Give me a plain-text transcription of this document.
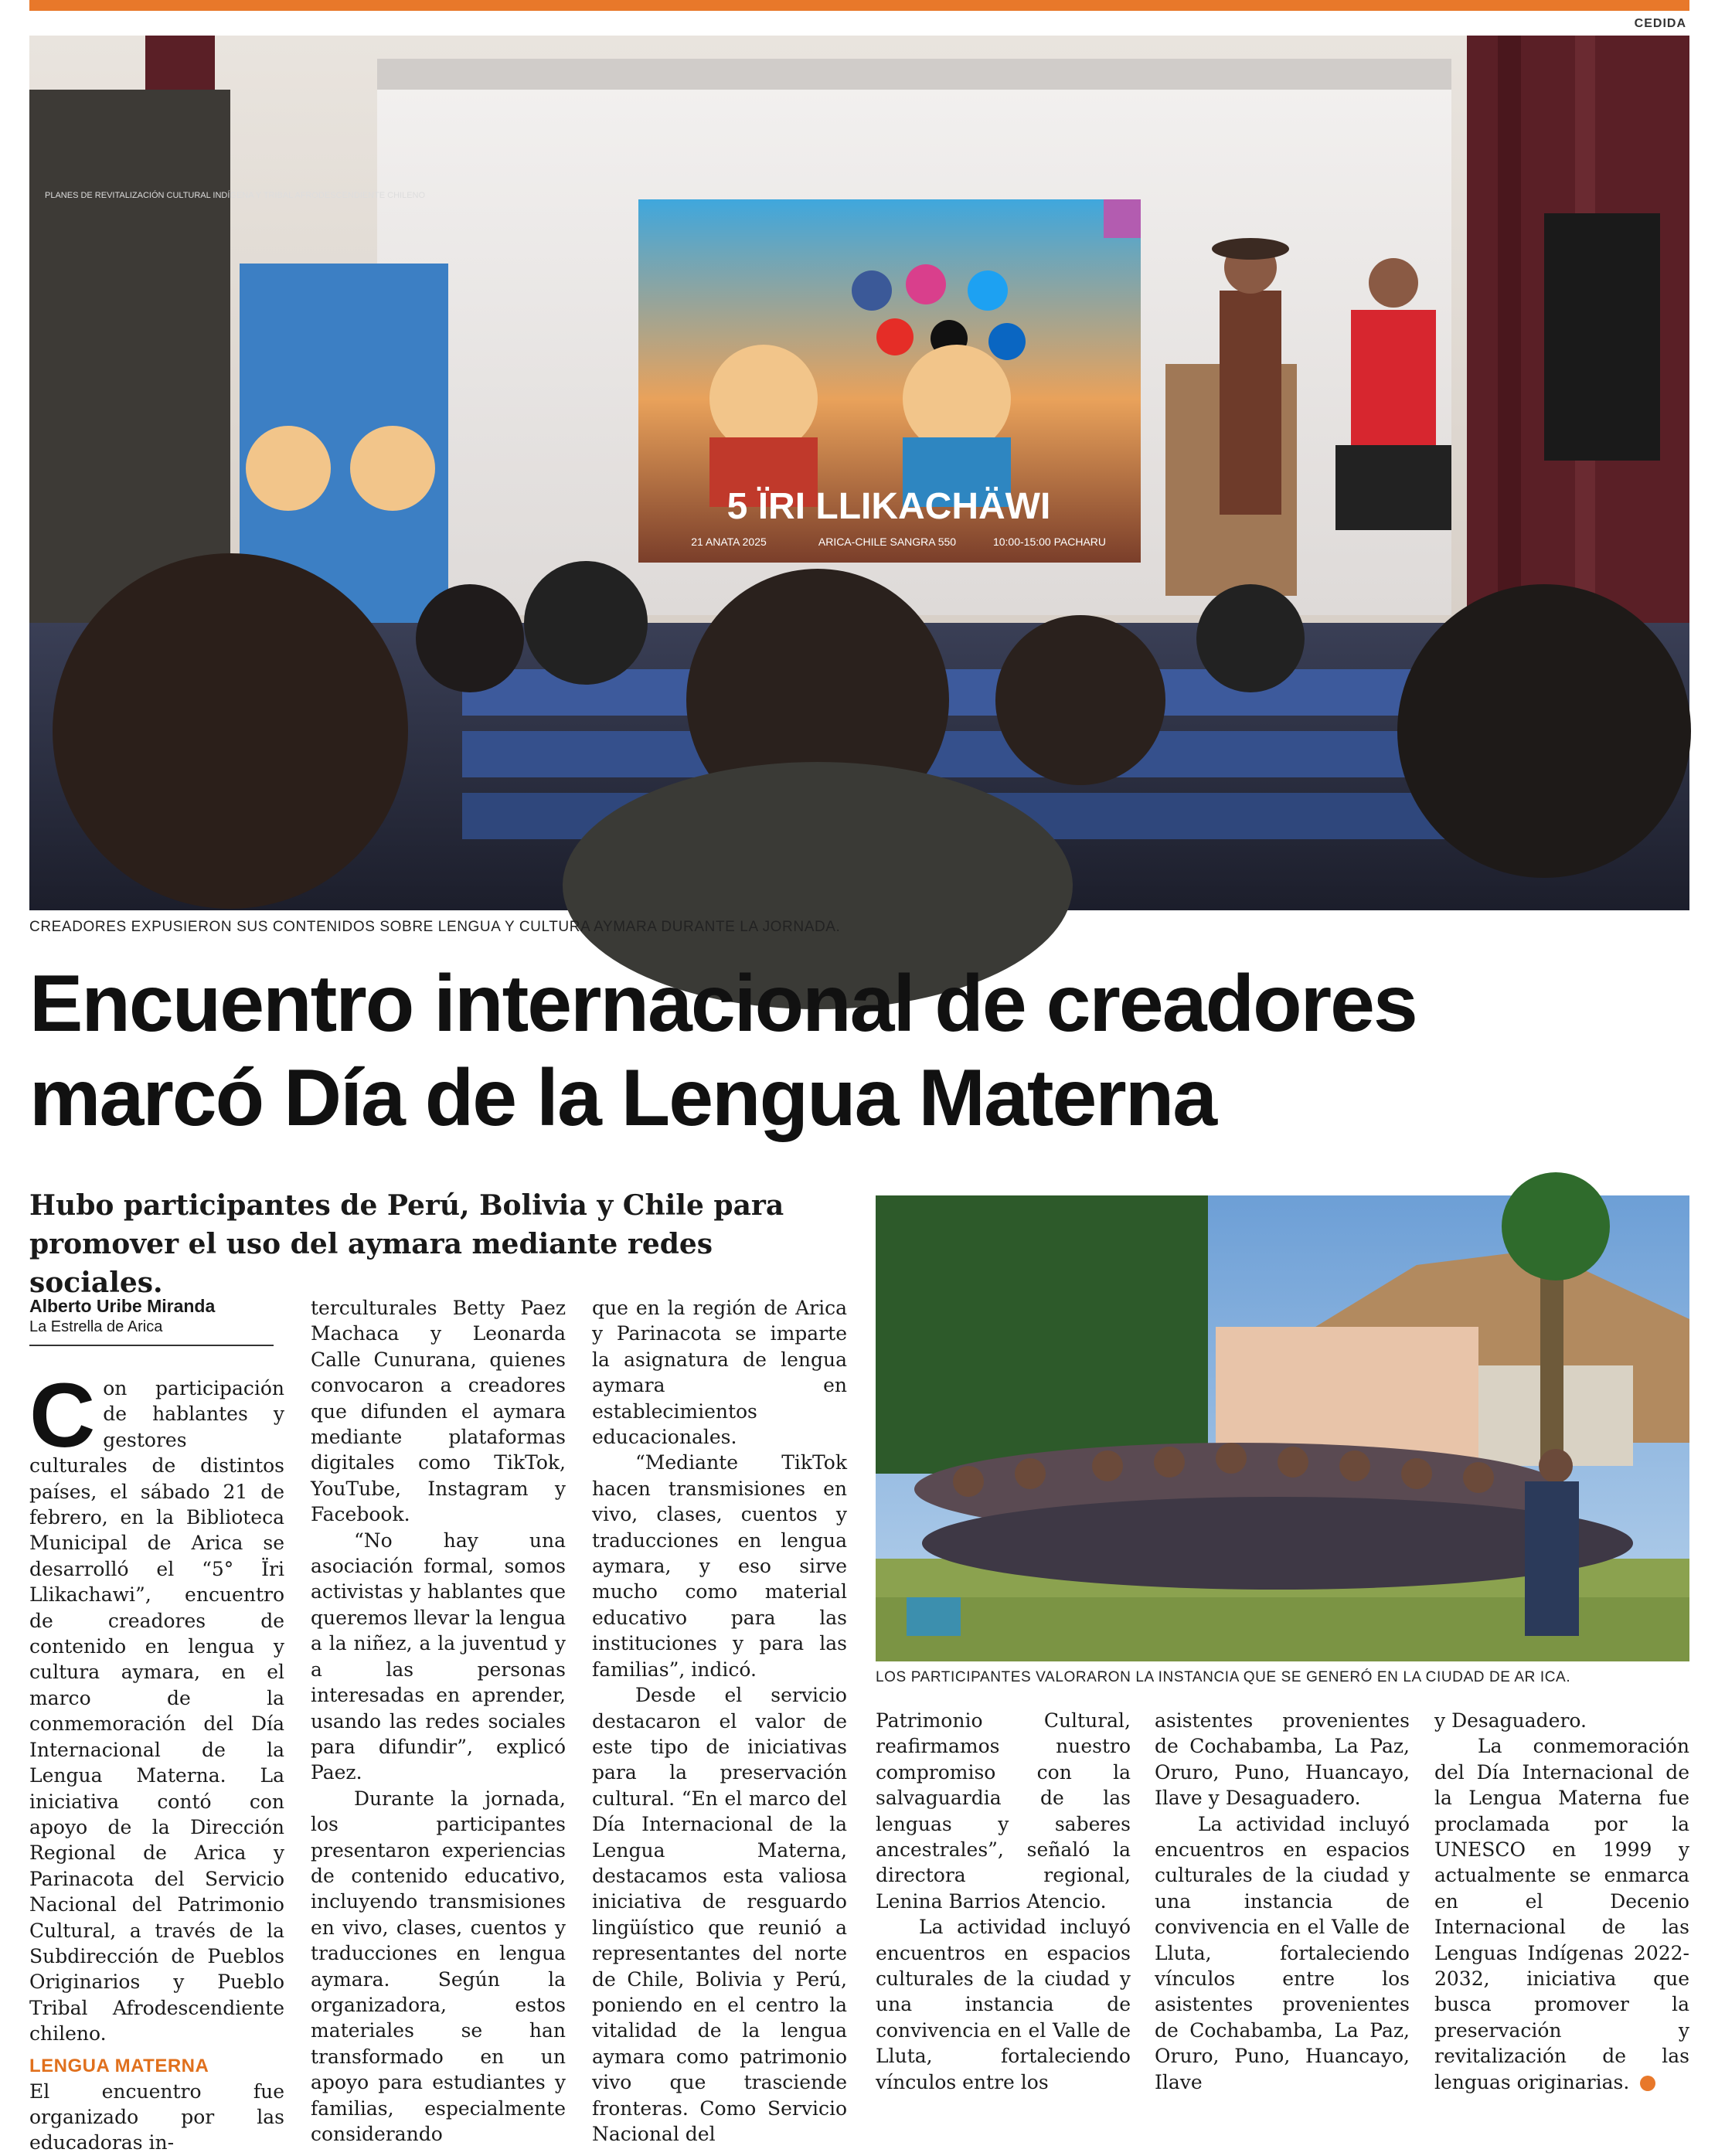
CEDIDA
5 ÏRI LLIKACHÄWI
21 ANATA 2025	ARICA-CHILE SANGRA 550	10:00-15:00 PACHARU
PLANES DE REVITALIZACIÓN CULTURAL INDÍGENA Y TRIBAL AFRODESCENDIENTE CHILENO
CREADORES EXPUSIERON SUS CONTENIDOS SOBRE LENGUA Y CULTURA AYMARA DURANTE LA JORNADA.
Encuentro internacional de creadores
marcó Día de la Lengua Materna
Hubo participantes de Perú, Bolivia y Chile para promover el uso del aymara mediante redes sociales.
Alberto Uribe Miranda
La Estrella de Arica
LOS PARTICIPANTES VALORARON LA INSTANCIA QUE SE GENERÓ EN LA CIUDAD DE AR ICA.

Con participación de hablantes y gestores culturales de distintos países, el sábado 21 de febrero, en la Biblioteca Municipal de Arica se desarrolló el “5° Ïri Llikachawi”, encuentro de creadores de contenido en lengua y cultura aymara, en el marco de la conmemoración del Día Internacional de la Lengua Materna. La iniciativa contó con apoyo de la Dirección Regional de Arica y Parinacota del Servicio Nacional del Patrimonio Cultural, a través de la Subdirección de Pueblos Originarios y Pueblo Tribal Afrodescendiente chileno.

LENGUA MATERNA

El encuentro fue organizado por las educadoras in-

terculturales Betty Paez Machaca y Leonarda Calle Cunurana, quienes convocaron a creadores que difunden el aymara mediante plataformas digitales como TikTok, YouTube, Instagram y Facebook.

“No hay una asociación formal, somos activistas y hablantes que queremos llevar la lengua a la niñez, a la juventud y a las personas interesadas en aprender, usando las redes sociales para difundir”, explicó Paez.

Durante la jornada, los participantes presentaron experiencias de contenido educativo, incluyendo transmisiones en vivo, clases, cuentos y traducciones en lengua aymara. Según la organizadora, estos materiales se han transformado en un apoyo para estudiantes y familias, especialmente considerando

que en la región de Arica y Parinacota se imparte la asignatura de lengua aymara en establecimientos educacionales.

“Mediante TikTok hacen transmisiones en vivo, clases, cuentos y traducciones en lengua aymara, y eso sirve mucho como material educativo para las instituciones y para las familias”, indicó.

Desde el servicio destacaron el valor de este tipo de iniciativas para la preservación cultural. “En el marco del Día Internacional de la Lengua Materna, destacamos esta valiosa iniciativa de resguardo lingüístico que reunió a representantes del norte de Chile, Bolivia y Perú, poniendo en el centro la vitalidad de la lengua aymara como patrimonio vivo que trasciende fronteras. Como Servicio Nacional del

Patrimonio Cultural, reafirmamos nuestro compromiso con la salvaguardia de las lenguas y saberes ancestrales”, señaló la directora regional, Lenina Barrios Atencio.

La actividad incluyó encuentros en espacios culturales de la ciudad y una instancia de convivencia en el Valle de Lluta, fortaleciendo vínculos entre los

asistentes provenientes de Cochabamba, La Paz, Oruro, Puno, Huancayo, Ilave y Desaguadero.

La actividad incluyó encuentros en espacios culturales de la ciudad y una instancia de convivencia en el Valle de Lluta, fortaleciendo vínculos entre los asistentes provenientes de Cochabamba, La Paz, Oruro, Puno, Huancayo, Ilave

y Desaguadero.

La conmemoración del Día Internacional de la Lengua Materna fue proclamada por la UNESCO en 1999 y actualmente se enmarca en el Decenio Internacional de las Lenguas Indígenas 2022-2032, iniciativa que busca promover la preservación y revitalización de las lenguas originarias.	✪
